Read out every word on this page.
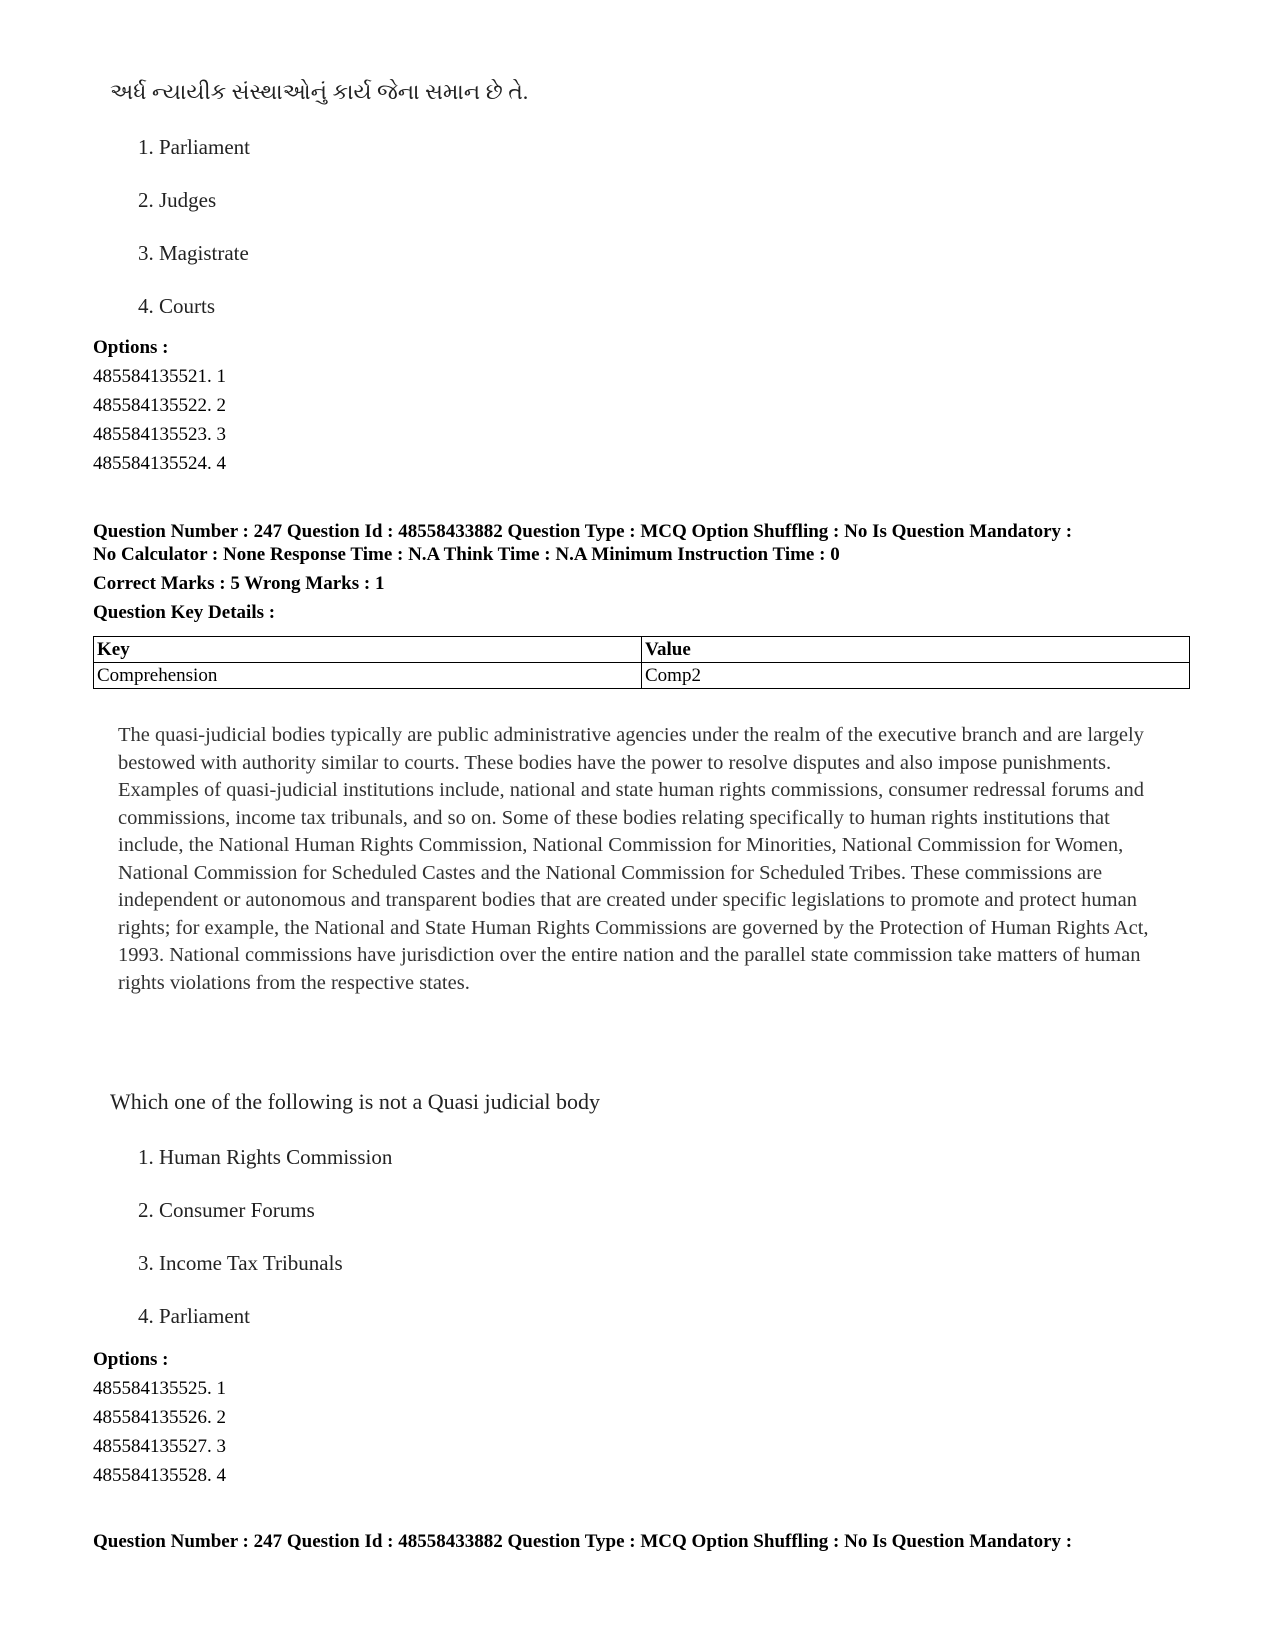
અર્ધ ન્યાયીક સંસ્થાઓનું કાર્ય જેના સમાન છે તે.
1. Parliament
2. Judges
3. Magistrate
4. Courts
Options :
485584135521. 1
485584135522. 2
485584135523. 3
485584135524. 4
Question Number : 247 Question Id : 48558433882 Question Type : MCQ Option Shuffling : No Is Question Mandatory :
No Calculator : None Response Time : N.A Think Time : N.A Minimum Instruction Time : 0
Correct Marks : 5 Wrong Marks : 1
Question Key Details :
Key	Value
Comprehension	Comp2
The quasi-judicial bodies typically are public administrative agencies under the realm of the executive branch and are largely bestowed with authority similar to courts. These bodies have the power to resolve disputes and also impose punishments. Examples of quasi-judicial institutions include, national and state human rights commissions, consumer redressal forums and commissions, income tax tribunals, and so on. Some of these bodies relating specifically to human rights institutions that include, the National Human Rights Commission, National Commission for Minorities, National Commission for Women, National Commission for Scheduled Castes and the National Commission for Scheduled Tribes. These commissions are independent or autonomous and transparent bodies that are created under specific legislations to promote and protect human rights; for example, the National and State Human Rights Commissions are governed by the Protection of Human Rights Act, 1993. National commissions have jurisdiction over the entire nation and the parallel state commission take matters of human rights violations from the respective states.
Which one of the following is not a Quasi judicial body
1. Human Rights Commission
2. Consumer Forums
3. Income Tax Tribunals
4. Parliament
Options :
485584135525. 1
485584135526. 2
485584135527. 3
485584135528. 4
Question Number : 247 Question Id : 48558433882 Question Type : MCQ Option Shuffling : No Is Question Mandatory :
